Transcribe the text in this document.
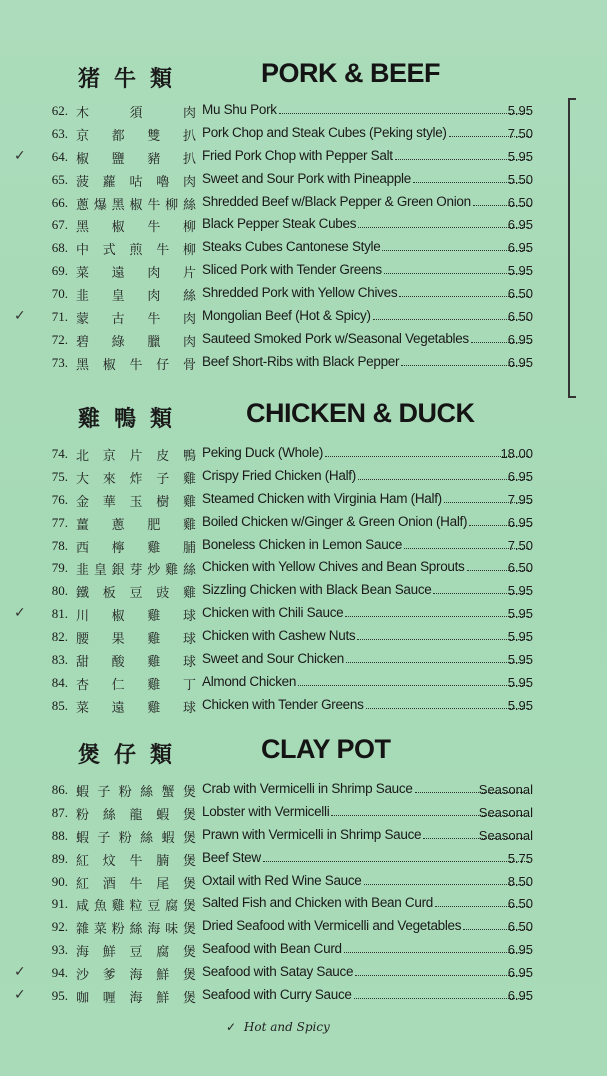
猪牛類	PORK & BEEF
62. 木	須	肉 Mu Shu Pork	5.95
63. 京 都 雙 扒 Pork Chop and Steak Cubes (Peking style)	7.50
✓	64. 椒 鹽 豬 扒 Fried Pork Chop with Pepper Salt	5.95
65. 菠 蘿 咕 嚕 肉 Sweet and Sour Pork with Pineapple	5.50
66. 蔥 爆 黑 椒 牛 柳 絲 Shredded Beef w/Black Pepper & Green Onion	6.50
67. 黑 椒 牛 柳 Black Pepper Steak Cubes	6.95
68. 中 式 煎 牛 柳 Steaks Cubes Cantonese Style	6.95
69. 菜 遠 肉 片 Sliced Pork with Tender Greens	5.95
70. 韭 皇 肉 絲 Shredded Pork with Yellow Chives	6.50
✓	71. 蒙 古 牛 肉 Mongolian Beef (Hot & Spicy)	6.50
72. 碧 綠 臘 肉 Sauteed Smoked Pork w/Seasonal Vegetables	6.95
73. 黑 椒 牛 仔 骨 Beef Short-Ribs with Black Pepper	6.95
雞鴨類 CHICKEN & DUCK
74. 北 京 片 皮 鴨 Peking Duck (Whole)	18.00
75. 大 來 炸 子 雞 Crispy Fried Chicken (Half)	6.95
76. 金 華 玉 樹 雞 Steamed Chicken with Virginia Ham (Half)	7.95
77. 薑 蔥 肥 雞 Boiled Chicken w/Ginger & Green Onion (Half)	6.95
78. 西 檸 雞 脯 Boneless Chicken in Lemon Sauce	7.50
79. 韭 皇 銀 芽 炒 雞 絲 Chicken with Yellow Chives and Bean Sprouts	6.50
80. 鐵 板 豆 豉 雞 Sizzling Chicken with Black Bean Sauce	5.95
✓	81. 川 椒 雞 球 Chicken with Chili Sauce	5.95
82. 腰 果 雞 球 Chicken with Cashew Nuts	5.95
83. 甜 酸 雞 球 Sweet and Sour Chicken	5.95
84. 杏 仁 雞 丁 Almond Chicken	5.95
85. 菜 遠 雞 球 Chicken with Tender Greens	5.95
煲仔類	CLAY POT
86. 蝦 子 粉 絲 蟹 煲 Crab with Vermicelli in Shrimp Sauce	Seasonal
87. 粉 絲 龍 蝦 煲 Lobster with Vermicelli	Seasonal
88. 蝦 子 粉 絲 蝦 煲 Prawn with Vermicelli in Shrimp Sauce	Seasonal
89. 紅 炆 牛 腩 煲 Beef Stew	5.75
90. 紅 酒 牛 尾 煲 Oxtail with Red Wine Sauce	8.50
91. 咸 魚 雞 粒 豆 腐 煲 Salted Fish and Chicken with Bean Curd	6.50
92. 雜 菜 粉 絲 海 味 煲 Dried Seafood with Vermicelli and Vegetables	6.50
93. 海 鮮 豆 腐 煲 Seafood with Bean Curd	6.95
✓	94. 沙 爹 海 鮮 煲 Seafood with Satay Sauce	6.95
✓	95. 咖 喱 海 鮮 煲 Seafood with Curry Sauce	6.95
✓ Hot and Spicy
